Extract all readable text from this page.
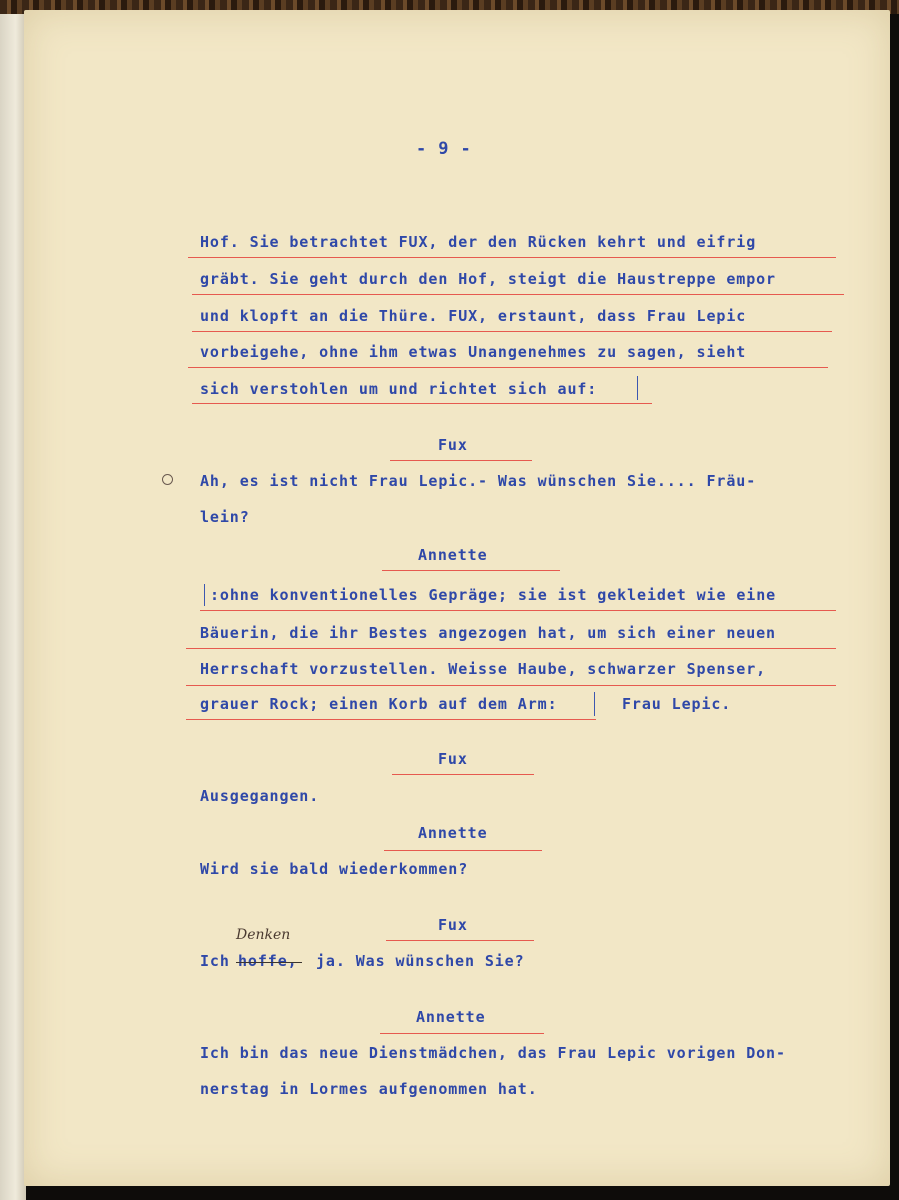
- 9 -
Hof. Sie betrachtet FUX, der den Rücken kehrt und eifrig
gräbt. Sie geht durch den Hof, steigt die Haustreppe empor
und klopft an die Thüre. FUX, erstaunt, dass Frau Lepic
vorbeigehe, ohne ihm etwas Unangenehmes zu sagen, sieht
sich verstohlen um und richtet sich auf:
Fux
Ah, es ist nicht Frau Lepic.- Was wünschen Sie.... Fräu-
lein?
Annette
:ohne konventionelles Gepräge; sie ist gekleidet wie eine
Bäuerin, die ihr Bestes angezogen hat, um sich einer neuen
Herrschaft vorzustellen. Weisse Haube, schwarzer Spenser,
grauer Rock; einen Korb auf dem Arm:	Frau Lepic.
Fux
Ausgegangen.
Annette
Wird sie bald wiederkommen?
Fux
Denken
Ich hoffe, ja. Was wünschen Sie?
Annette
Ich bin das neue Dienstmädchen, das Frau Lepic vorigen Don-
nerstag in Lormes aufgenommen hat.
